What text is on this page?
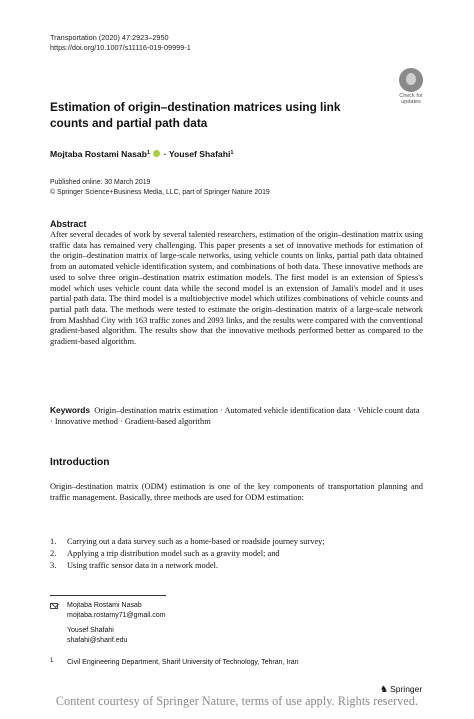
Transportation (2020) 47:2923–2950
https://doi.org/10.1007/s11116-019-09999-1
Check for
updates
Estimation of origin–destination matrices using link counts and partial path data
Mojtaba Rostami Nasab$^1$ · Yousef Shafahi$^1$
Published online: 30 March 2019
© Springer Science+Business Media, LLC, part of Springer Nature 2019
Abstract

After several decades of work by several talented researchers, estimation of the origin–destination matrix using traffic data has remained very challenging. This paper presents a set of innovative methods for estimation of the origin–destination matrix of large-scale networks, using vehicle counts on links, partial path data obtained from an automated vehicle identification system, and combinations of both data. These innovative methods are used to solve three origin–destination matrix estimation models. The first model is an extension of Spiess's model which uses vehicle count data while the second model is an extension of Jamali's model and it uses partial path data. The third model is a multiobjective model which utilizes combinations of vehicle counts and partial path data. The methods were tested to estimate the origin–destination matrix of a large-scale network from Mashhad City with 163 traffic zones and 2093 links, and the results were compared with the conventional gradient-based algorithm. The results show that the innovative methods performed better as compared to the gradient-based algorithm.

Keywords Origin–destination matrix estimation · Automated vehicle identification data · Vehicle count data · Innovative method · Gradient-based algorithm

Introduction

Origin–destination matrix (ODM) estimation is one of the key components of transportation planning and traffic management. Basically, three methods are used for ODM estimation:

1. Carrying out a data survey such as a home-based or roadside journey survey;
2. Applying a trip distribution model such as a gravity model; and
3. Using traffic sensor data in a network model.
Mojtaba Rostami Nasab
mojtaba.rostamy71@gmail.com
Yousef Shafahi
shafahi@sharif.edu
1 Civil Engineering Department, Sharif University of Technology, Tehran, Iran
♞ Springer
Content courtesy of Springer Nature, terms of use apply. Rights reserved.
